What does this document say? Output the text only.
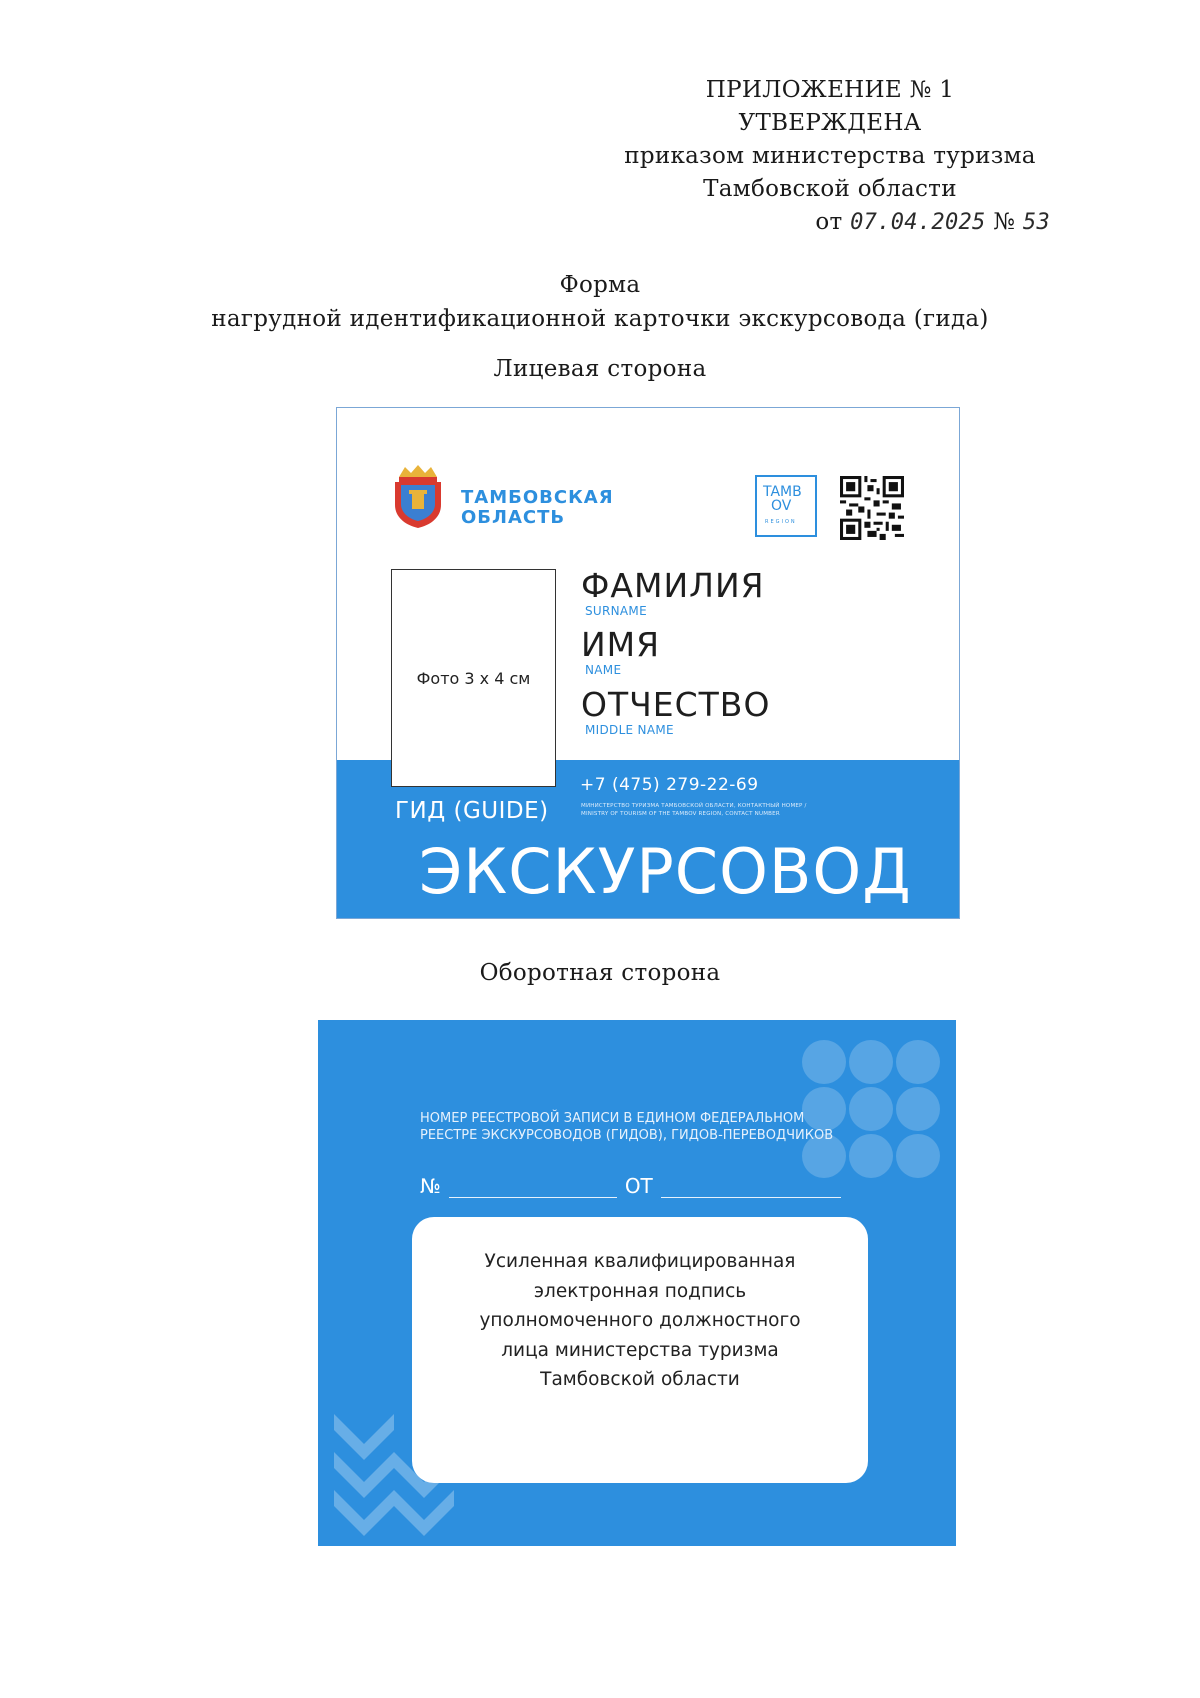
ПРИЛОЖЕНИЕ № 1
УТВЕРЖДЕНА
приказом министерства туризма
Тамбовской области
от 07.04.2025 № 53
Форма
нагрудной идентификационной карточки экскурсовода (гида)
Лицевая сторона
ТАМБОВСКАЯ
ОБЛАСТЬ
TAMB
OV
REGION
Фото 3 х 4 см
ФАМИЛИЯ
SURNAME
ИМЯ
NAME
ОТЧЕСТВО
MIDDLE NAME
+7 (475) 279-22-69
МИНИСТЕРСТВО ТУРИЗМА ТАМБОВСКОЙ ОБЛАСТИ, КОНТАКТНЫЙ НОМЕР /
MINISTRY OF TOURISM OF THE TAMBOV REGION, CONTACT NUMBER
ГИД (GUIDE)
ЭКСКУРСОВОД
Оборотная сторона
НОМЕР РЕЕСТРОВОЙ ЗАПИСИ В ЕДИНОМ ФЕДЕРАЛЬНОМ РЕЕСТРЕ ЭКСКУРСОВОДОВ (ГИДОВ), ГИДОВ-ПЕРЕВОДЧИКОВ
№	ОТ
Усиленная квалифицированная
электронная подпись
уполномоченного должностного
лица министерства туризма
Тамбовской области
